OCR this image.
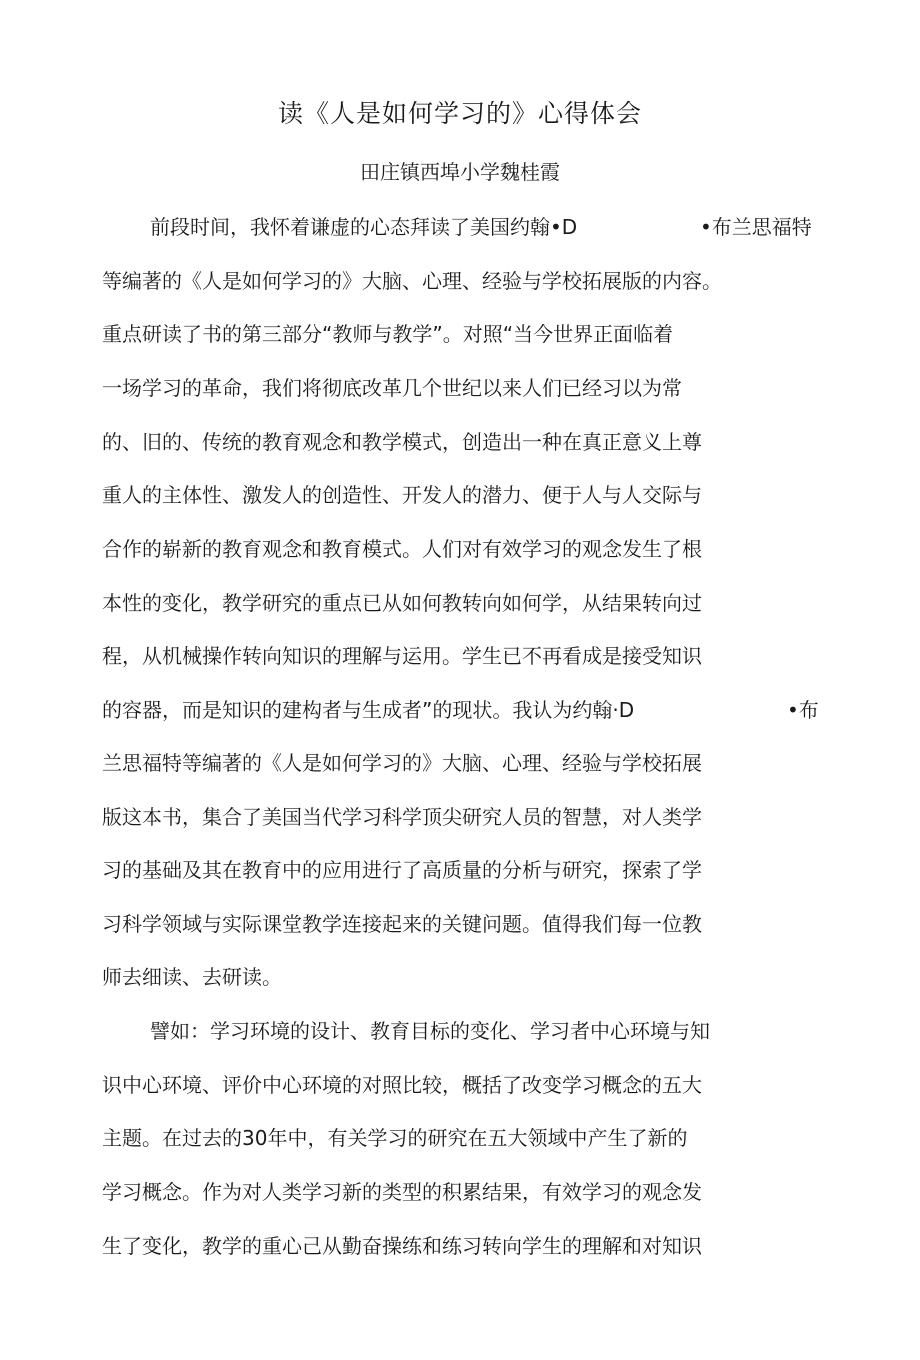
读《人是如何学习的》心得体会
田庄镇西埠小学魏桂霞

前段时间，我怀着谦虚的心态拜读了美国约翰•D	•布兰思福特

等编著的《人是如何学习的》大脑、心理、经验与学校拓展版的内容。

重点研读了书的第三部分“教师与教学”。对照“当今世界正面临着

一场学习的革命，我们将彻底改革几个世纪以来人们已经习以为常

的、旧的、传统的教育观念和教学模式，创造出一种在真正意义上尊

重人的主体性、激发人的创造性、开发人的潜力、便于人与人交际与

合作的崭新的教育观念和教育模式。人们对有效学习的观念发生了根

本性的变化，教学研究的重点已从如何教转向如何学，从结果转向过

程，从机械操作转向知识的理解与运用。学生已不再看成是接受知识

的容器，而是知识的建构者与生成者”的现状。我认为约翰·D	•布

兰思福特等编著的《人是如何学习的》大脑、心理、经验与学校拓展

版这本书，集合了美国当代学习科学顶尖研究人员的智慧，对人类学

习的基础及其在教育中的应用进行了高质量的分析与研究，探索了学

习科学领域与实际课堂教学连接起来的关键问题。值得我们每一位教

师去细读、去研读。

譬如：学习环境的设计、教育目标的变化、学习者中心环境与知

识中心环境、评价中心环境的对照比较，概括了改变学习概念的五大

主题。在过去的30年中，有关学习的研究在五大领域中产生了新的

学习概念。作为对人类学习新的类型的积累结果，有效学习的观念发

生了变化，教学的重心己从勤奋操练和练习转向学生的理解和对知识
